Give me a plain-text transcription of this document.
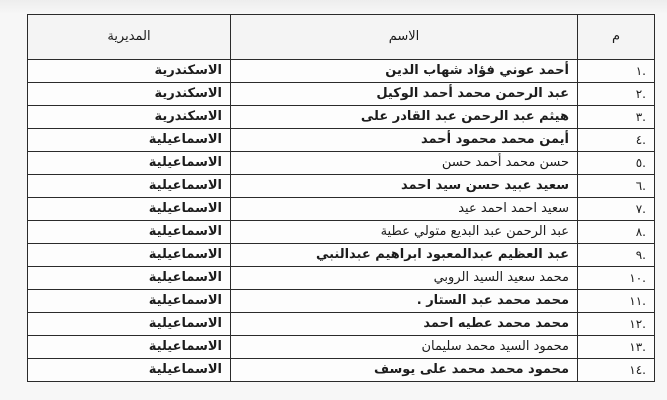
م	الاسم	المديرية
.١	أحمد عوني فؤاد شهاب الدين	الاسكندرية
.٢	عبد الرحمن محمد أحمد الوكيل	الاسكندرية
.٣	هيثم عبد الرحمن عبد القادر على	الاسكندرية
.٤	أيمن محمد محمود أحمد	الاسماعيلية
.٥	حسن محمد أحمد حسن	الاسماعيلية
.٦	سعيد عبيد حسن سيد احمد	الاسماعيلية
.٧	سعيد احمد احمد عيد	الاسماعيلية
.٨	عبد الرحمن عبد البديع متولي عطية	الاسماعيلية
.٩	عبد العظيم عبدالمعبود ابراهيم عبدالنبي	الاسماعيلية
.١٠	محمد سعيد السيد الروبي	الاسماعيلية
.١١	محمد محمد عبد الستار .	الاسماعيلية
.١٢	محمد محمد عطيه احمد	الاسماعيلية
.١٣	محمود السيد محمد سليمان	الاسماعيلية
.١٤	محمود محمد محمد على يوسف	الاسماعيلية
